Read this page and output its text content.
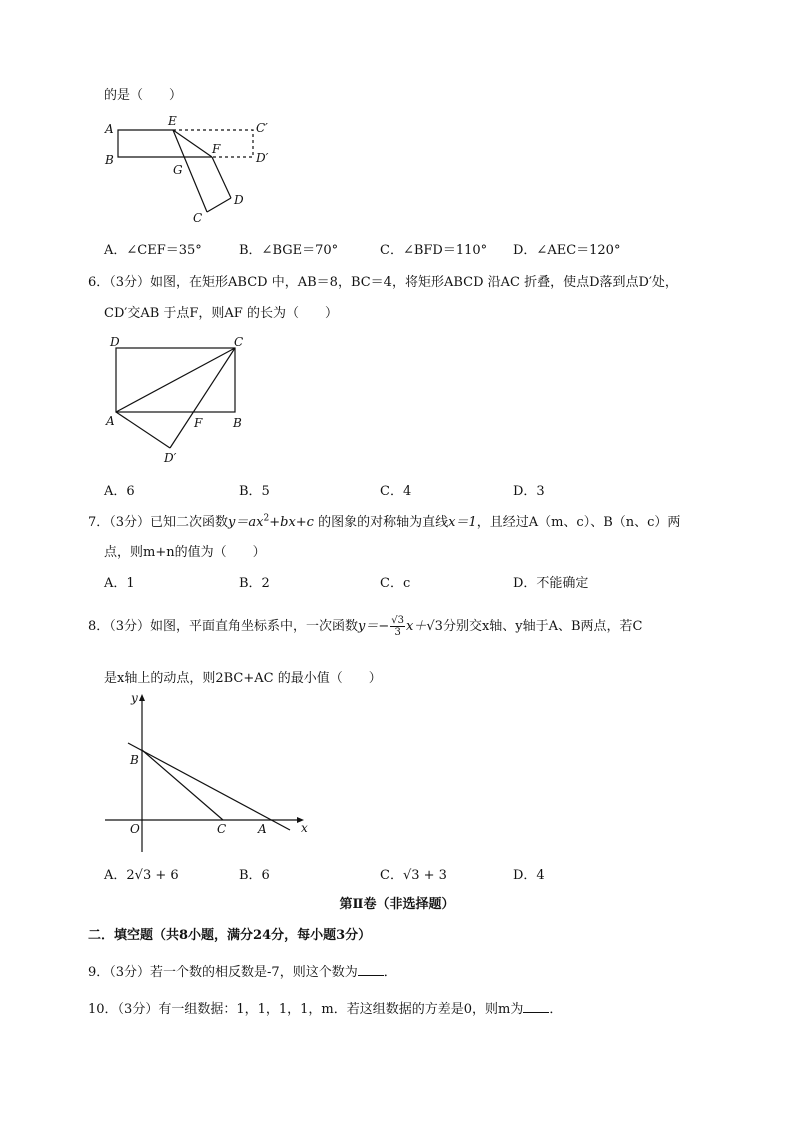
的是（　　）
A
B
E
F
G
C
D
C′
D′
A．∠CEF＝35°	B．∠BGE＝70°	C．∠BFD＝110° D．∠AEC＝120°
6．（3分）如图，在矩形ABCD 中，AB＝8，BC＝4，将矩形ABCD 沿AC 折叠，使点D落到点D′处，
CD′交AB 于点F，则AF 的长为（　　）
D	C
A	F	B
D′
A．6	B．5	C．4	D．3
7．（3分）已知二次函数$y=ax^2+bx+c$ 的图象的对称轴为直线x＝1，且经过A（m、c）、B（n、c）两
点，则m+n的值为（　　）
A．1	B．2	C．c	D．不能确定
8．（3分）如图，平面直角坐标系中，一次函数$y=- \frac{√3}{3} x+√3$分别交x轴、y轴于A、B两点，若C
是x轴上的动点，则2BC+AC 的最小值（　　）
y
x
O
B
C	A
A．2√3 + 6	B．6	C．√3 + 3	D．4
第Ⅱ卷（非选择题）
二．填空题（共8小题，满分24分，每小题3分）
9．（3分）若一个数的相反数是-7，则这个数为 ．
10．（3分）有一组数据：1，1，1，1，m．若这组数据的方差是0，则m为 ．
